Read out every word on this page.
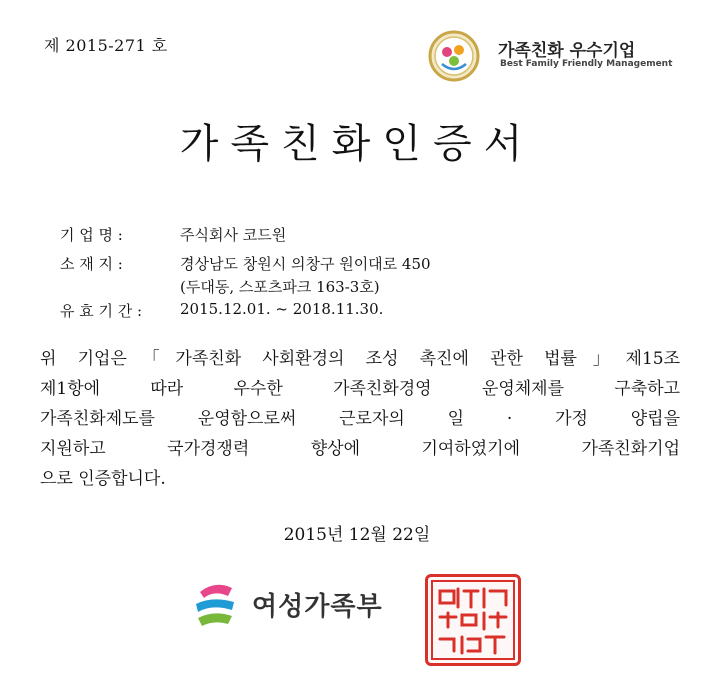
제 2015-271 호	가족친화 우수기업
Best Family Friendly Management
가족친화인증서
기 업 명 :	주식회사 코드원
소 재 지 :	경상남도 창원시 의창구 원이대로 450
(두대동, 스포츠파크 163-3호)
유 효 기 간 :	2015.12.01. ~ 2018.11.30.
위 기업은「가족친화 사회환경의 조성 촉진에 관한 법률」제15조
제1항에 따라 우수한 가족친화경영 운영체제를 구축하고
가족친화제도를 운영함으로써 근로자의 일 · 가정 양립을
지원하고 국가경쟁력 향상에 기여하였기에 가족친화기업
으로 인증합니다.
2015년 12월 22일
여성가족부
